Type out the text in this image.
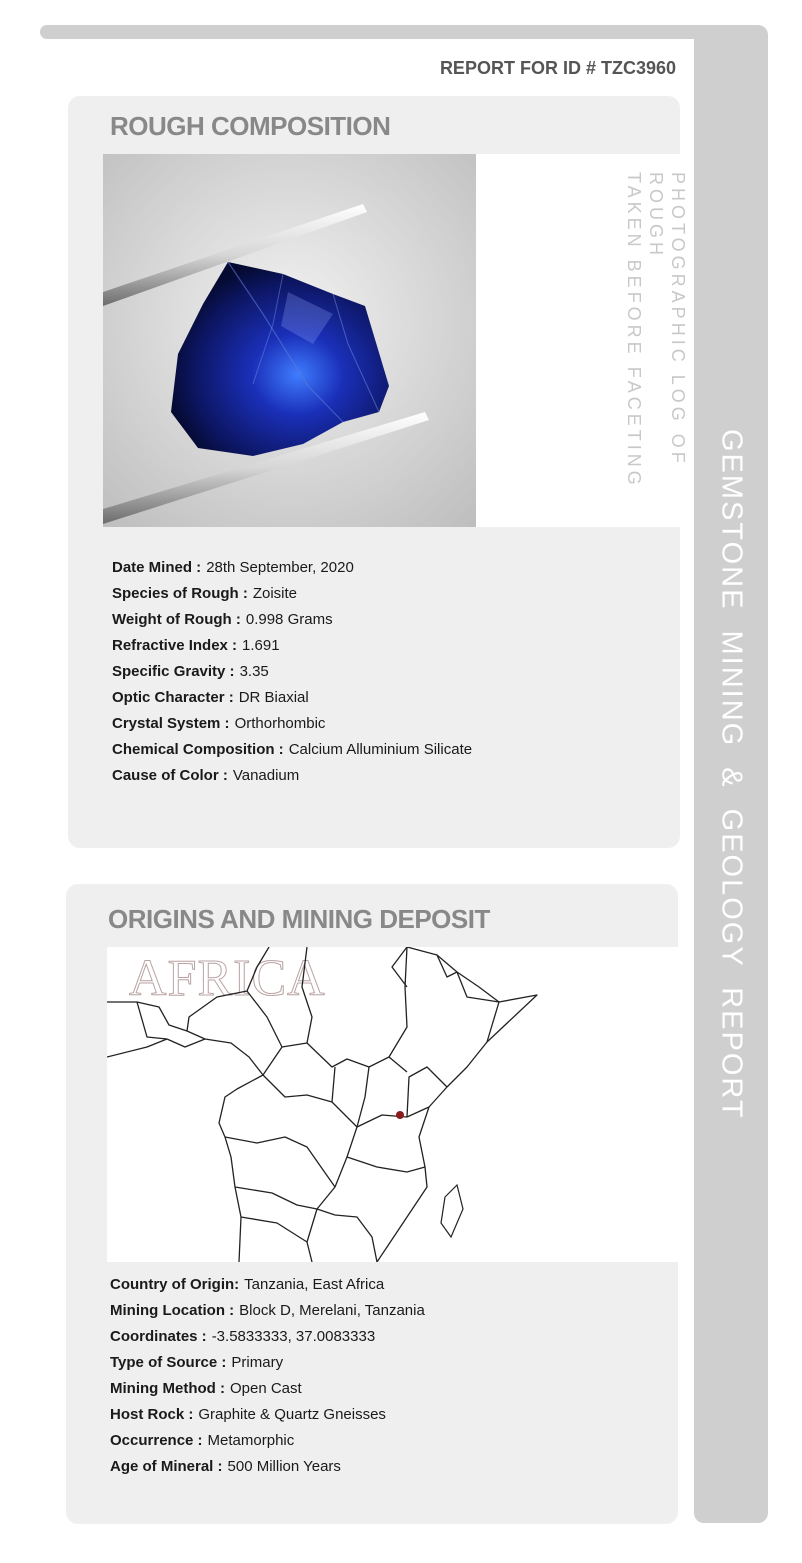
GEMSTONE MINING & GEOLOGY REPORT
REPORT FOR ID # TZC3960
ROUGH COMPOSITION
PHOTOGRAPHIC LOG OF ROUGH
TAKEN BEFORE FACETING
Date Mined : 28th September, 2020
Species of Rough : Zoisite
Weight of Rough : 0.998 Grams
Refractive Index : 1.691
Specific Gravity : 3.35
Optic Character : DR Biaxial
Crystal System : Orthorhombic
Chemical Composition : Calcium Alluminium Silicate
Cause of Color : Vanadium
ORIGINS AND MINING DEPOSIT
AFRICA
Country of Origin: Tanzania, East Africa
Mining Location : Block D, Merelani, Tanzania
Coordinates : -3.5833333, 37.0083333
Type of Source : Primary
Mining Method : Open Cast
Host Rock : Graphite & Quartz Gneisses
Occurrence : Metamorphic
Age of Mineral : 500 Million Years
